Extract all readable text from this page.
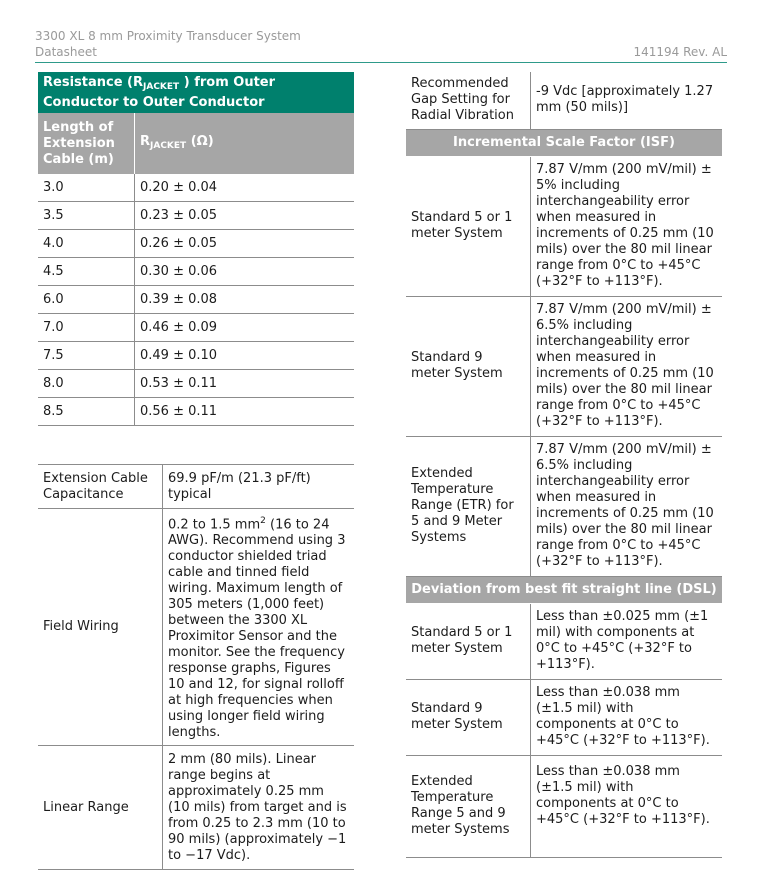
3300 XL 8 mm Proximity Transducer System
Datasheet	141194 Rev. AL
Resistance ($R_{JACKET}$ ) from Outer Conductor to Outer Conductor	
Length of Extension Cable (m)	$R_{JACKET}$ (Ω)
3.0	0.20 ± 0.04
3.5	0.23 ± 0.05
4.0	0.26 ± 0.05
4.5	0.30 ± 0.06
6.0	0.39 ± 0.08
7.0	0.46 ± 0.09
7.5	0.49 ± 0.10
8.0	0.53 ± 0.11
8.5	0.56 ± 0.11
Extension Cable Capacitance	69.9 pF/m (21.3 pF/ft) typical
Field Wiring	0.2 to 1.5 $mm^2$ (16 to 24 AWG). Recommend using 3 conductor shielded triad cable and tinned field wiring. Maximum length of 305 meters (1,000 feet) between the 3300 XL Proximitor Sensor and the monitor. See the frequency response graphs, Figures 10 and 12, for signal rolloff at high frequencies when using longer field wiring lengths.
Linear Range	2 mm (80 mils). Linear range begins at approximately 0.25 mm (10 mils) from target and is from 0.25 to 2.3 mm (10 to 90 mils) (approximately −1 to −17 Vdc).
Recommended Gap Setting for Radial Vibration	-9 Vdc [approximately 1.27 mm (50 mils)]
Incremental Scale Factor (ISF)	
Standard 5 or 1 meter System	7.87 V/mm (200 mV/mil) ± 5% including interchangeability error when measured in increments of 0.25 mm (10 mils) over the 80 mil linear range from 0°C to +45°C (+32°F to +113°F).
Standard 9 meter System	7.87 V/mm (200 mV/mil) ± 6.5% including interchangeability error when measured in increments of 0.25 mm (10 mils) over the 80 mil linear range from 0°C to +45°C (+32°F to +113°F).
Extended Temperature Range (ETR) for 5 and 9 Meter Systems	7.87 V/mm (200 mV/mil) ± 6.5% including interchangeability error when measured in increments of 0.25 mm (10 mils) over the 80 mil linear range from 0°C to +45°C (+32°F to +113°F).
Deviation from best fit straight line (DSL)	
Standard 5 or 1 meter System	Less than ±0.025 mm (±1 mil) with components at 0°C to +45°C (+32°F to +113°F).
Standard 9 meter System	Less than ±0.038 mm (±1.5 mil) with components at 0°C to +45°C (+32°F to +113°F).
Extended Temperature Range 5 and 9 meter Systems	Less than ±0.038 mm (±1.5 mil) with components at 0°C to +45°C (+32°F to +113°F).
